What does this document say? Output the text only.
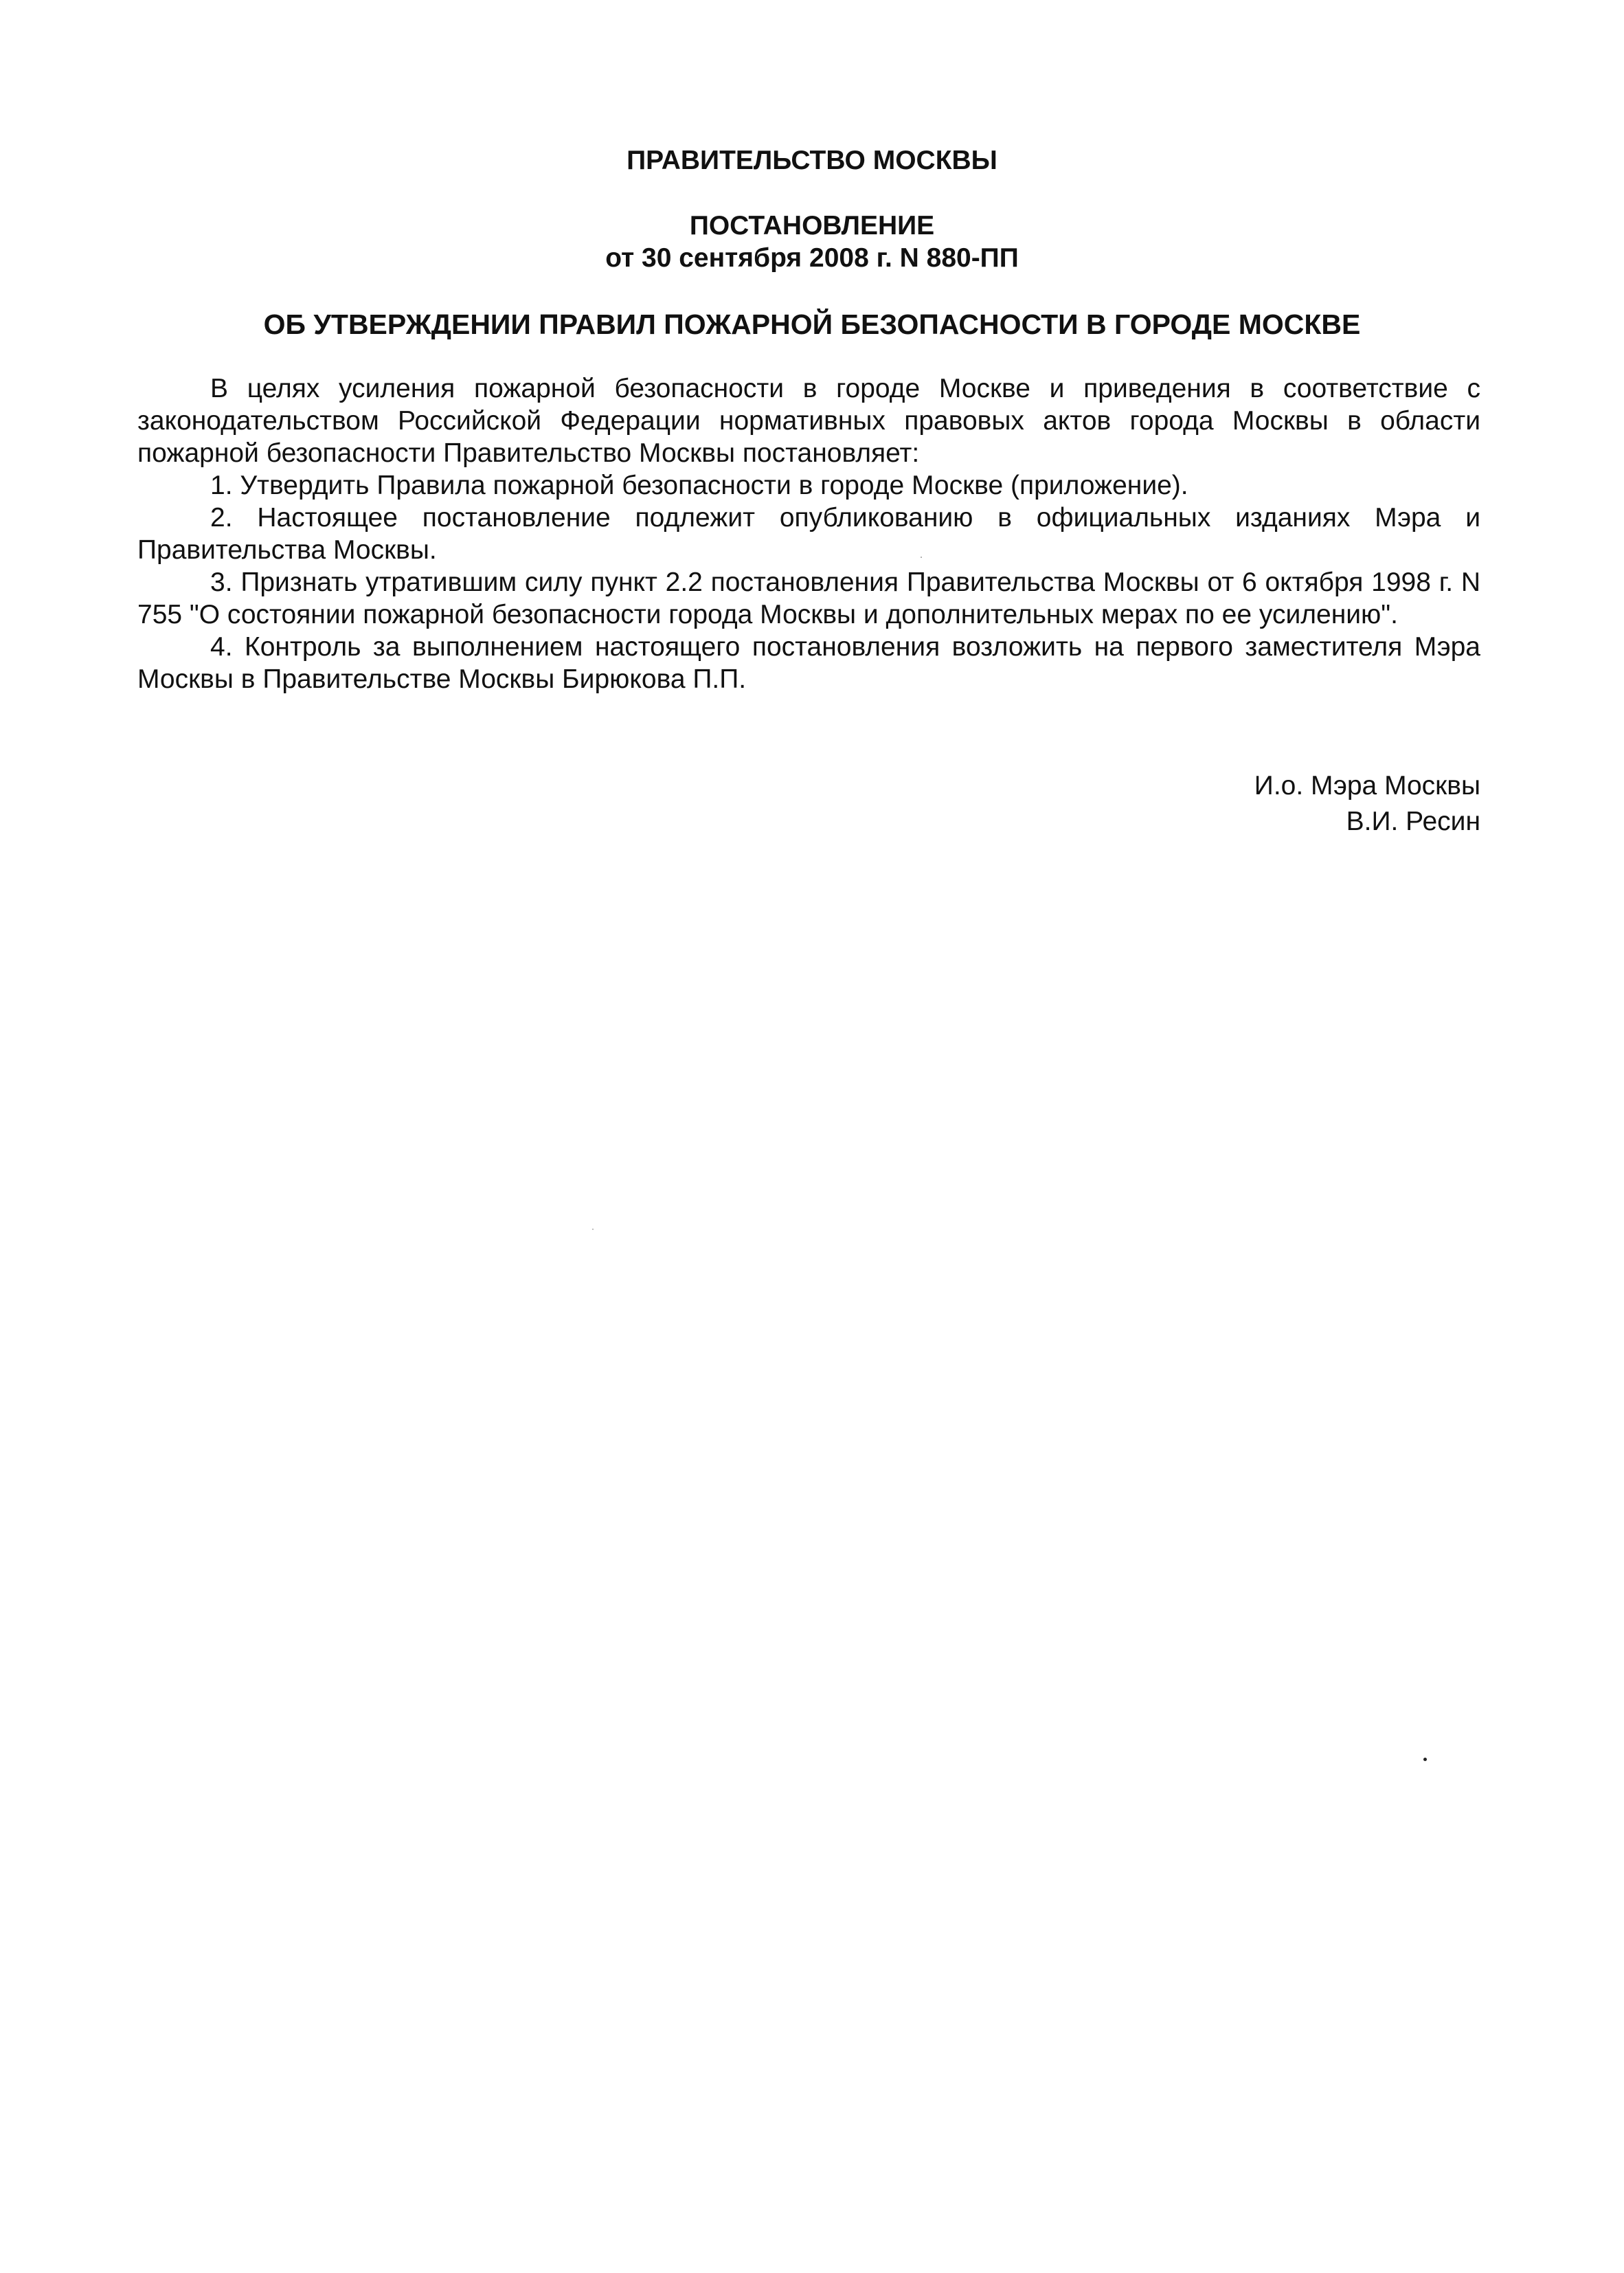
ПРАВИТЕЛЬСТВО МОСКВЫ
ПОСТАНОВЛЕНИЕ
от 30 сентября 2008 г. N 880-ПП
ОБ УТВЕРЖДЕНИИ ПРАВИЛ ПОЖАРНОЙ БЕЗОПАСНОСТИ В ГОРОДЕ МОСКВЕ

В целях усиления пожарной безопасности в городе Москве и приведения в соответствие с законодательством Российской Федерации нормативных правовых актов города Москвы в области пожарной безопасности Правительство Москвы постановляет:

1. Утвердить Правила пожарной безопасности в городе Москве (приложение).

2. Настоящее постановление подлежит опубликованию в официальных изданиях Мэра и Правительства Москвы.

3. Признать утратившим силу пункт 2.2 постановления Правительства Москвы от 6 октября 1998 г. N 755 "О состоянии пожарной безопасности города Москвы и дополнительных мерах по ее усилению".

4. Контроль за выполнением настоящего постановления возложить на первого заместителя Мэра Москвы в Правительстве Москвы Бирюкова П.П.

И.о. Мэра Москвы
В.И. Ресин
